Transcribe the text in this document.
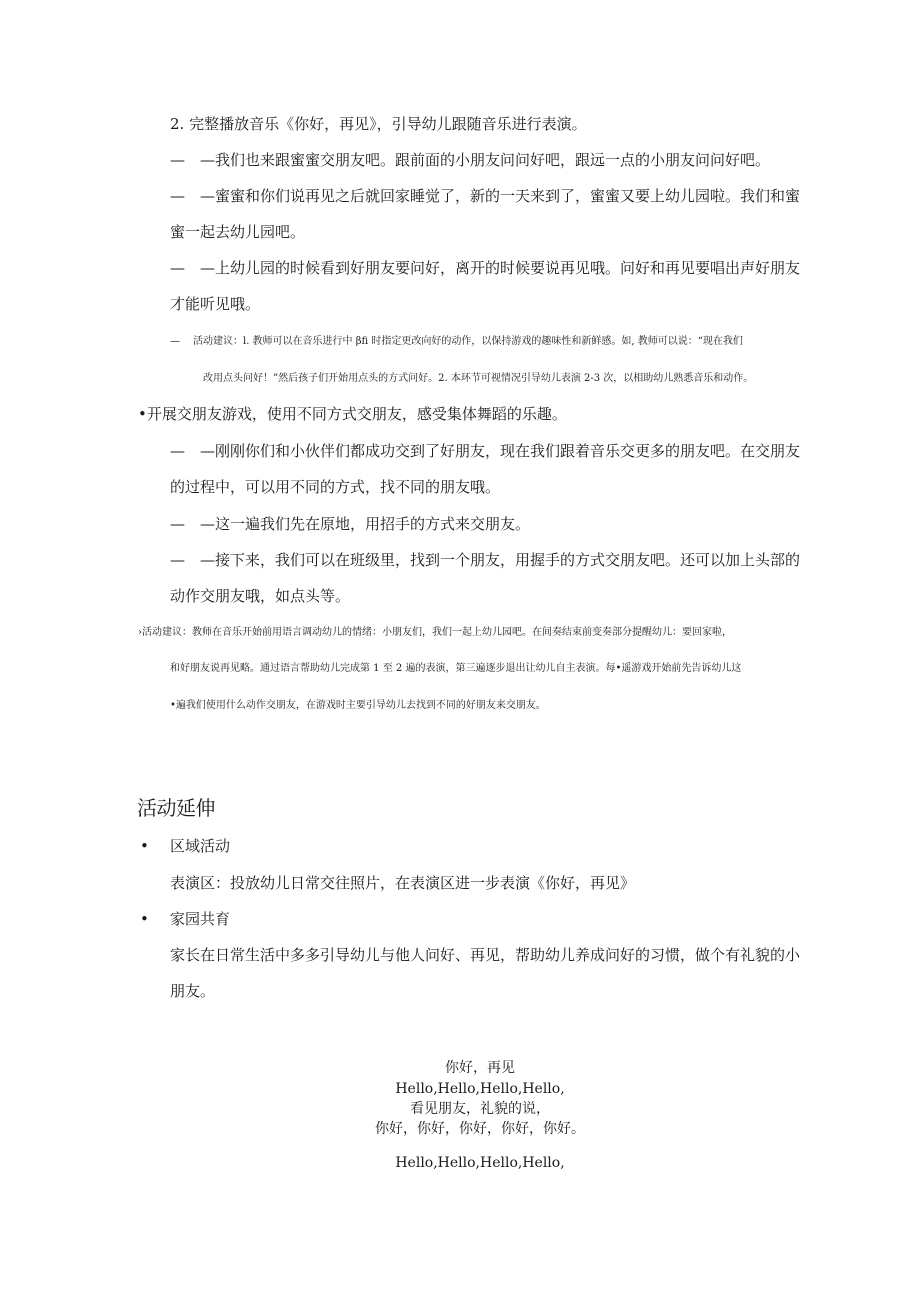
2. 完整播放音乐《你好，再见》，引导幼儿跟随音乐进行表演。
— —我们也来跟蜜蜜交朋友吧。跟前面的小朋友问问好吧，跟远一点的小朋友问问好吧。
— —蜜蜜和你们说再见之后就回家睡觉了，新的一天来到了，蜜蜜又要上幼儿园啦。我们和蜜
蜜一起去幼儿园吧。
— —上幼儿园的时候看到好朋友要问好，离开的时候要说再见哦。问好和再见要唱出声好朋友
才能听见哦。
— 活动建议：l. 教师可以在音乐进行中 βfi 时指定更改向好的动作，以保持游戏的趣味性和新鲜感。如, 教师可以说：“现在我们
改用点头问好！”然后孩子们开始用点头的方式问好。2. 本环节可视情况引导幼儿表演 2-3 次，以相助幼儿熟悉音乐和动作。
•开展交朋友游戏，使用不同方式交朋友，感受集体舞蹈的乐趣。
— —刚刚你们和小伙伴们都成功交到了好朋友，现在我们跟着音乐交更多的朋友吧。在交朋友
的过程中，可以用不同的方式，找不同的朋友哦。
— —这一遍我们先在原地，用招手的方式来交朋友。
— —接下来，我们可以在班级里，找到一个朋友，用握手的方式交朋友吧。还可以加上头部的
动作交朋友哦，如点头等。
›活动建议：教师在音乐开始前用语言调动幼儿的情绪：小朋友们，我们一起上幼儿园吧。在间奏结束前变奏部分提醒幼儿：要回家啦，
和好朋友说再见略。通过语言帮助幼儿完成第 1 至 2 遍的表演，第三遍逐步退出让幼儿自主表演。每•遥游戏开始前先告诉幼儿这
•遍我们使用什么动作交朋友，在游戏时主要引导幼儿去找到不同的好朋友来交朋友。
活动延伸
• 区域活动
表演区：投放幼儿日常交往照片，在表演区进一步表演《你好，再见》
• 家园共育
家长在日常生活中多多引导幼儿与他人问好、再见，帮助幼儿养成问好的习惯，做个有礼貌的小
朋友。
你好，再见
Hello,Hello,Hello,Hello,
看见朋友，礼貌的说，
你好，你好，你好，你好，你好。
Hello,Hello,Hello,Hello,
